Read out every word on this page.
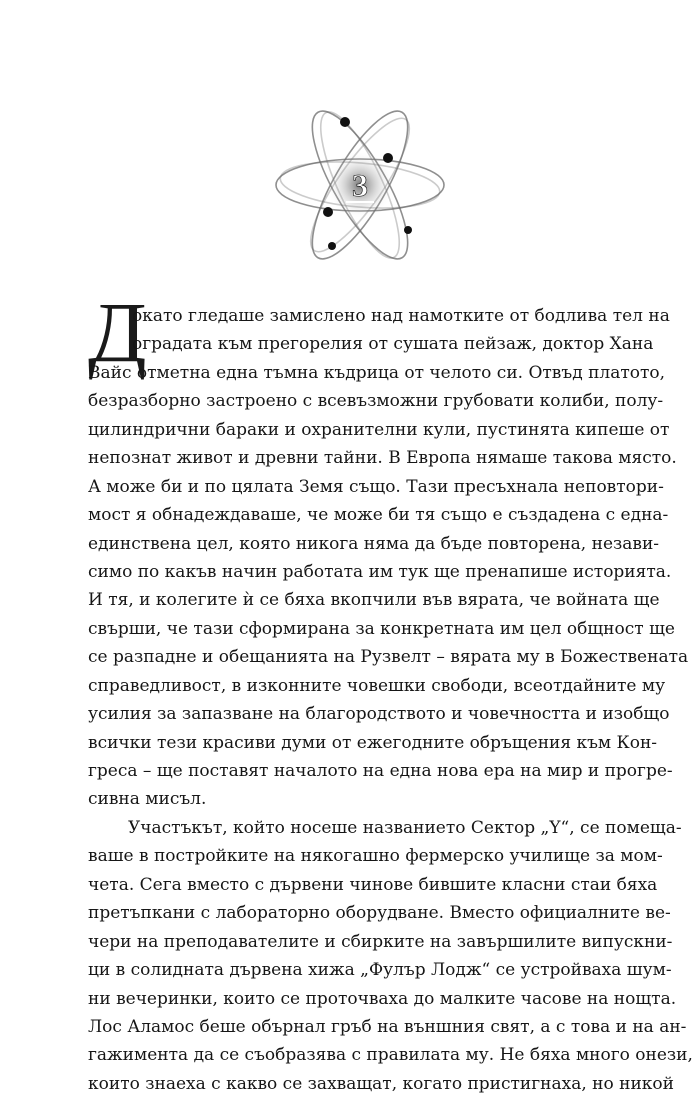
3
Д
окато гледаше замислено над намотките от бодлива тел на
оградата към прегорелия от сушата пейзаж, доктор Хана
Вайс отметна една тъмна къдрица от челото си. Отвъд платото,
безразборно застроено с всевъзможни грубовати колиби, полу-
цилиндрични бараки и охранителни кули, пустинята кипеше от
непознат живот и древни тайни. В Европа нямаше такова място.
А може би и по цялата Земя също. Тази пресъхнала неповтори-
мост я обнадеждаваше, че може би тя също е създадена с една-
единствена цел, която никога няма да бъде повторена, незави-
симо по какъв начин работата им тук ще пренапише историята.
И тя, и колегите ѝ се бяха вкопчили във вярата, че войната ще
свърши, че тази сформирана за конкретната им цел общност ще
се разпадне и обещанията на Рузвелт – вярата му в Божествената
справедливост, в изконните човешки свободи, всеотдайните му
усилия за запазване на благородството и човечността и изобщо
всички тези красиви думи от ежегодните обръщения към Кон-
греса – ще поставят началото на една нова ера на мир и прогре-
сивна мисъл.
Участъкът, който носеше названието Сектор „Y“, се помеща-
ваше в постройките на някогашно фермерско училище за мом-
чета. Сега вместо с дървени чинове бившите класни стаи бяха
претъпкани с лабораторно оборудване. Вместо официалните ве-
чери на преподавателите и сбирките на завършилите випускни-
ци в солидната дървена хижа „Фулър Лодж“ се устройваха шум-
ни вечеринки, които се проточваха до малките часове на нощта.
Лос Аламос беше обърнал гръб на външния свят, а с това и на ан-
гажимента да се съобразява с правилата му. Не бяха много онези,
които знаеха с какво се захващат, когато пристигнаха, но никой
